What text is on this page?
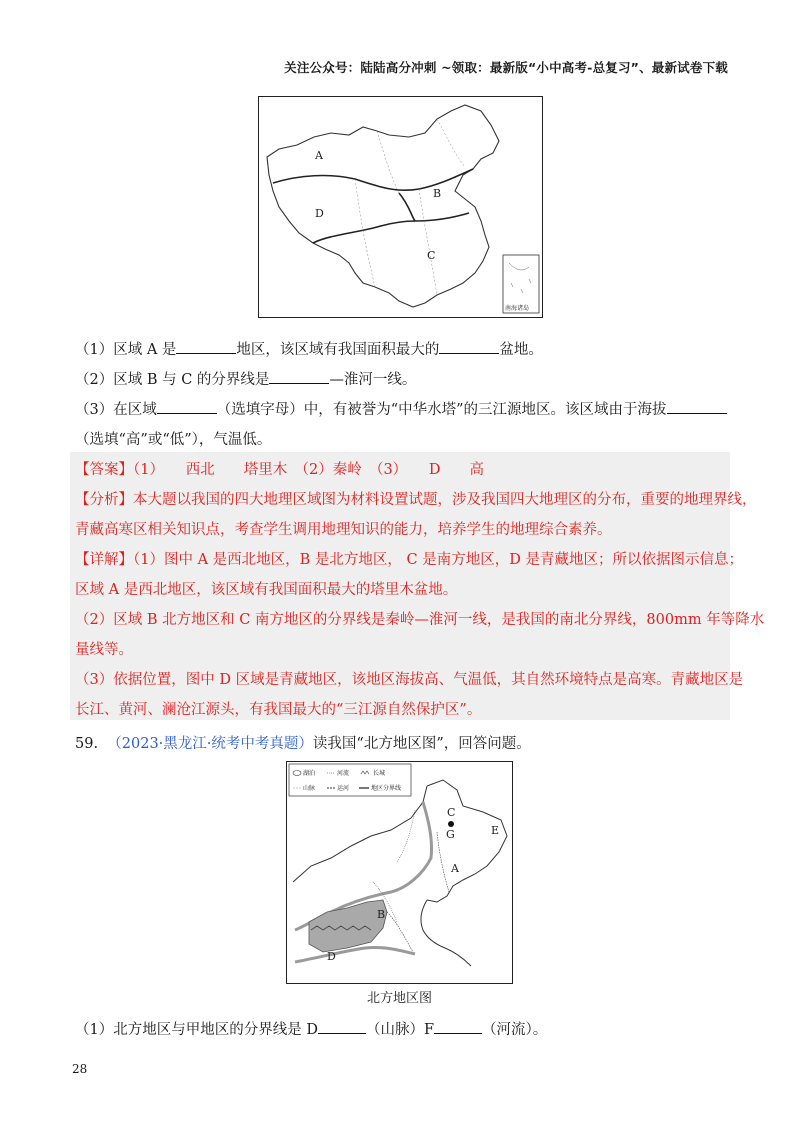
关注公众号：陆陆高分冲刺 ~领取：最新版“小中高考-总复习”、最新试卷下载
A
B
C
D
南海诸岛
（1）区域 A 是	地区，该区域有我国面积最大的	盆地。
（2）区域 B 与 C 的分界线是	—淮河一线。
（3）在区域	（选填字母）中，有被誉为“中华水塔”的三江源地区。该区域由于海拔
（选填“高”或“低”），气温低。
【答案】（1）　　西北　　塔里木　（2）秦岭　（3）　　D　　高
【分析】本大题以我国的四大地理区域图为材料设置试题，涉及我国四大地理区的分布，重要的地理界线，
青藏高寒区相关知识点，考查学生调用地理知识的能力，培养学生的地理综合素养。
【详解】（1）图中 A 是西北地区，B 是北方地区， C 是南方地区，D 是青藏地区；所以依据图示信息；
区域 A 是西北地区，该区域有我国面积最大的塔里木盆地。
（2）区域 B 北方地区和 C 南方地区的分界线是秦岭—淮河一线，是我国的南北分界线，800mm 年等降水
量线等。
（3）依据位置，图中 D 区域是青藏地区，该地区海拔高、气温低，其自然环境特点是高寒。青藏地区是
长江、黄河、澜沧江源头，有我国最大的“三江源自然保护区”。
59. （2023·黑龙江·统考中考真题）读我国“北方地区图”，回答问题。
湖泊	河流	长城
山脉	运河	地区分界线
C
G	E
A
B
D
北方地区图
（1）北方地区与甲地区的分界线是 D	（山脉）F	（河流）。
28
